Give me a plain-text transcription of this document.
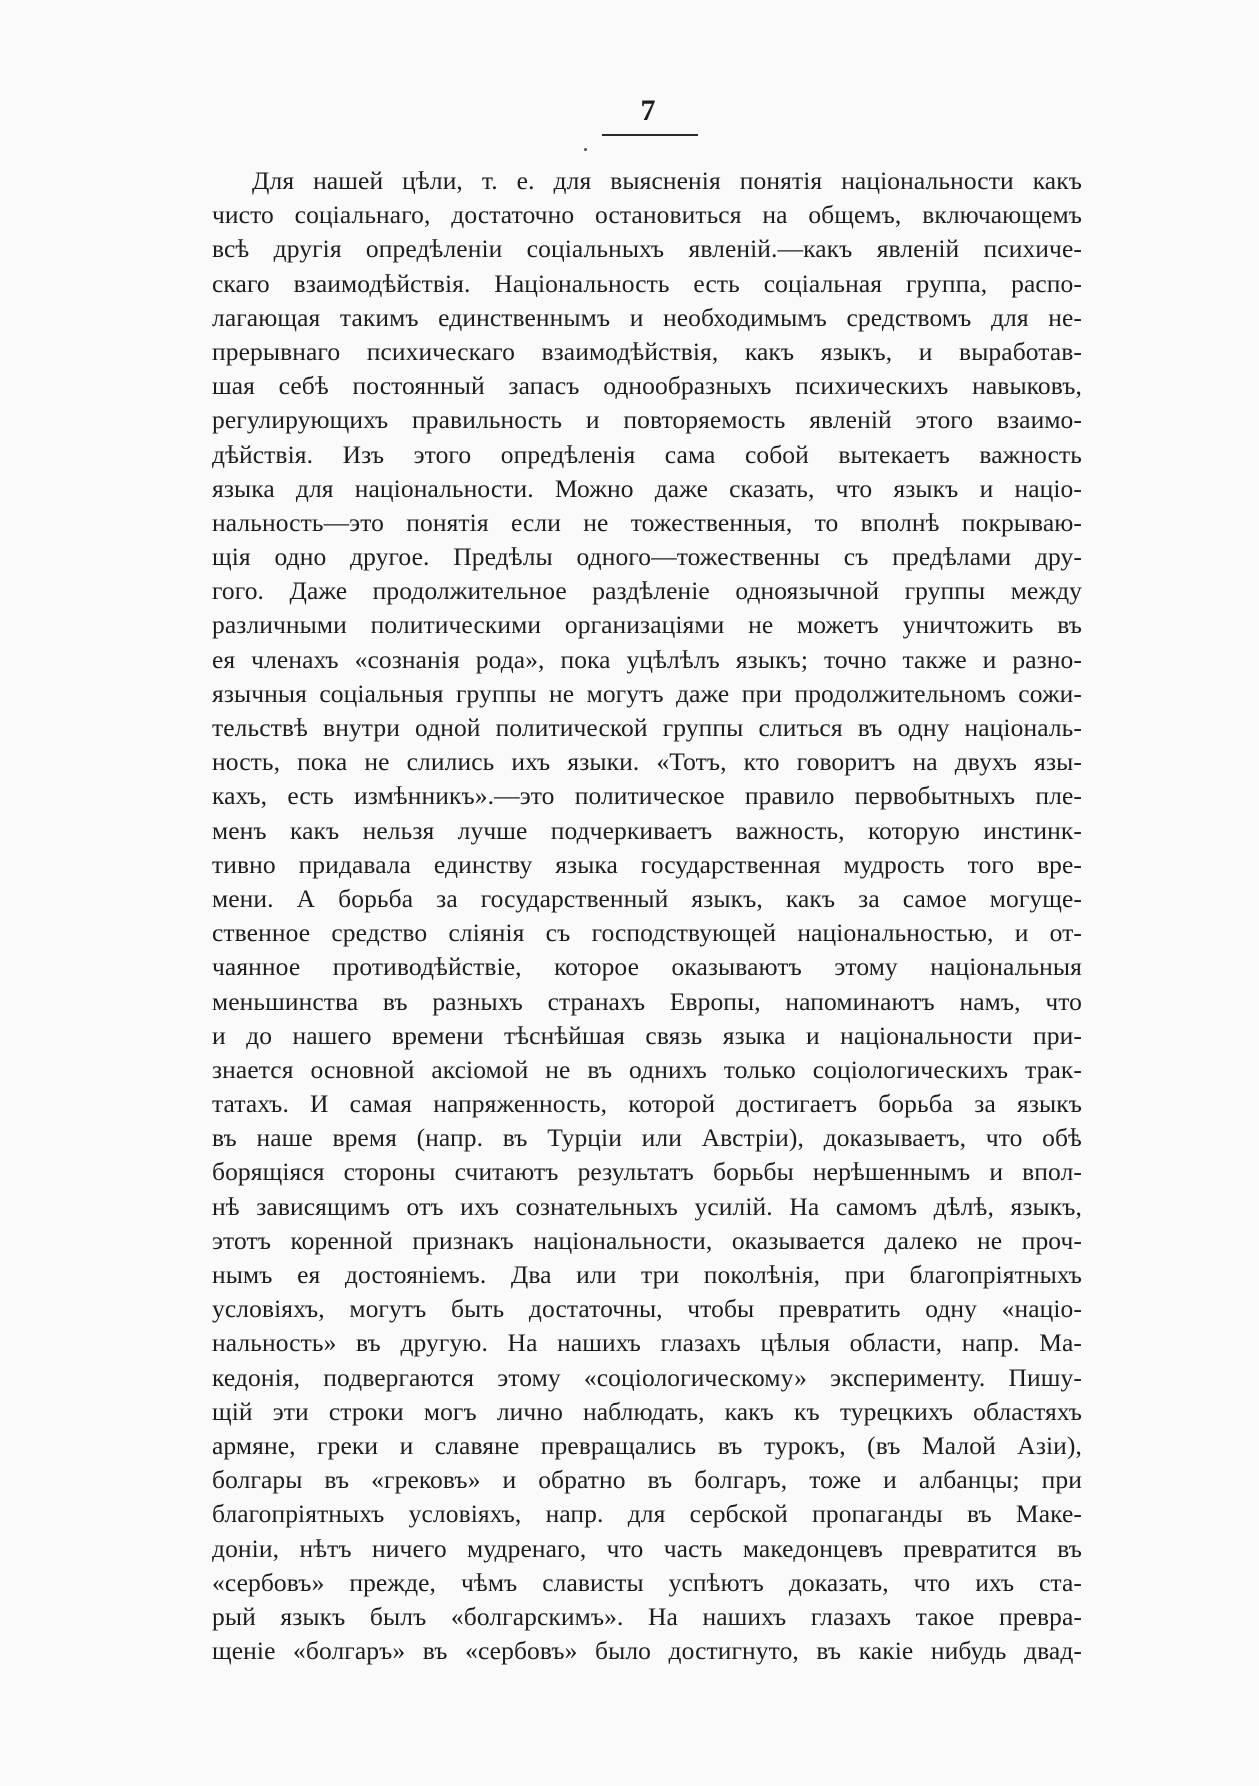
7
Для нашей цѣли, т. е. для выясненія понятія національности какъ
чисто соціальнаго, достаточно остановиться на общемъ, включающемъ
всѣ другія опредѣленіи соціальныхъ явленій.—какъ явленій психиче-
скаго взаимодѣйствія. Національность есть соціальная группа, распо-
лагающая такимъ единственнымъ и необходимымъ средствомъ для не-
прерывнаго психическаго взаимодѣйствія, какъ языкъ, и выработав-
шая себѣ постоянный запасъ однообразныхъ психическихъ навыковъ,
регулирующихъ правильность и повторяемость явленій этого взаимо-
дѣйствія. Изъ этого опредѣленія сама собой вытекаетъ важность
языка для національности. Можно даже сказать, что языкъ и націо-
нальность—это понятія если не тожественныя, то вполнѣ покрываю-
щія одно другое. Предѣлы одного—тожественны съ предѣлами дру-
гого. Даже продолжительное раздѣленіе одноязычной группы между
различными политическими организаціями не можетъ уничтожить въ
ея членахъ «сознанія рода», пока уцѣлѣлъ языкъ; точно также и разно-
язычныя соціальныя группы не могутъ даже при продолжительномъ сожи-
тельствѣ внутри одной политической группы слиться въ одну національ-
ность, пока не слились ихъ языки. «Тотъ, кто говоритъ на двухъ язы-
кахъ, есть измѣнникъ».—это политическое правило первобытныхъ пле-
менъ какъ нельзя лучше подчеркиваетъ важность, которую инстинк-
тивно придавала единству языка государственная мудрость того вре-
мени. А борьба за государственный языкъ, какъ за самое могуще-
ственное средство сліянія съ господствующей національностью, и от-
чаянное противодѣйствіе, которое оказываютъ этому національныя
меньшинства въ разныхъ странахъ Европы, напоминаютъ намъ, что
и до нашего времени тѣснѣйшая связь языка и національности при-
знается основной аксіомой не въ однихъ только соціологическихъ трак-
татахъ. И самая напряженность, которой достигаетъ борьба за языкъ
въ наше время (напр. въ Турціи или Австріи), доказываетъ, что обѣ
борящіяся стороны считаютъ результатъ борьбы нерѣшеннымъ и впол-
нѣ зависящимъ отъ ихъ сознательныхъ усилій. На самомъ дѣлѣ, языкъ,
этотъ коренной признакъ національности, оказывается далеко не проч-
нымъ ея достояніемъ. Два или три поколѣнія, при благопріятныхъ
условіяхъ, могутъ быть достаточны, чтобы превратить одну «націо-
нальность» въ другую. На нашихъ глазахъ цѣлыя области, напр. Ма-
кедонія, подвергаются этому «соціологическому» эксперименту. Пишу-
щій эти строки могъ лично наблюдать, какъ къ турецкихъ областяхъ
армяне, греки и славяне превращались въ турокъ, (въ Малой Азіи),
болгары въ «грековъ» и обратно въ болгаръ, тоже и албанцы; при
благопріятныхъ условіяхъ, напр. для сербской пропаганды въ Маке-
доніи, нѣтъ ничего мудренаго, что часть македонцевъ превратится въ
«сербовъ» прежде, чѣмъ слависты успѣютъ доказать, что ихъ ста-
рый языкъ былъ «болгарскимъ». На нашихъ глазахъ такое превра-
щеніе «болгаръ» въ «сербовъ» было достигнуто, въ какіе нибудь двад-
